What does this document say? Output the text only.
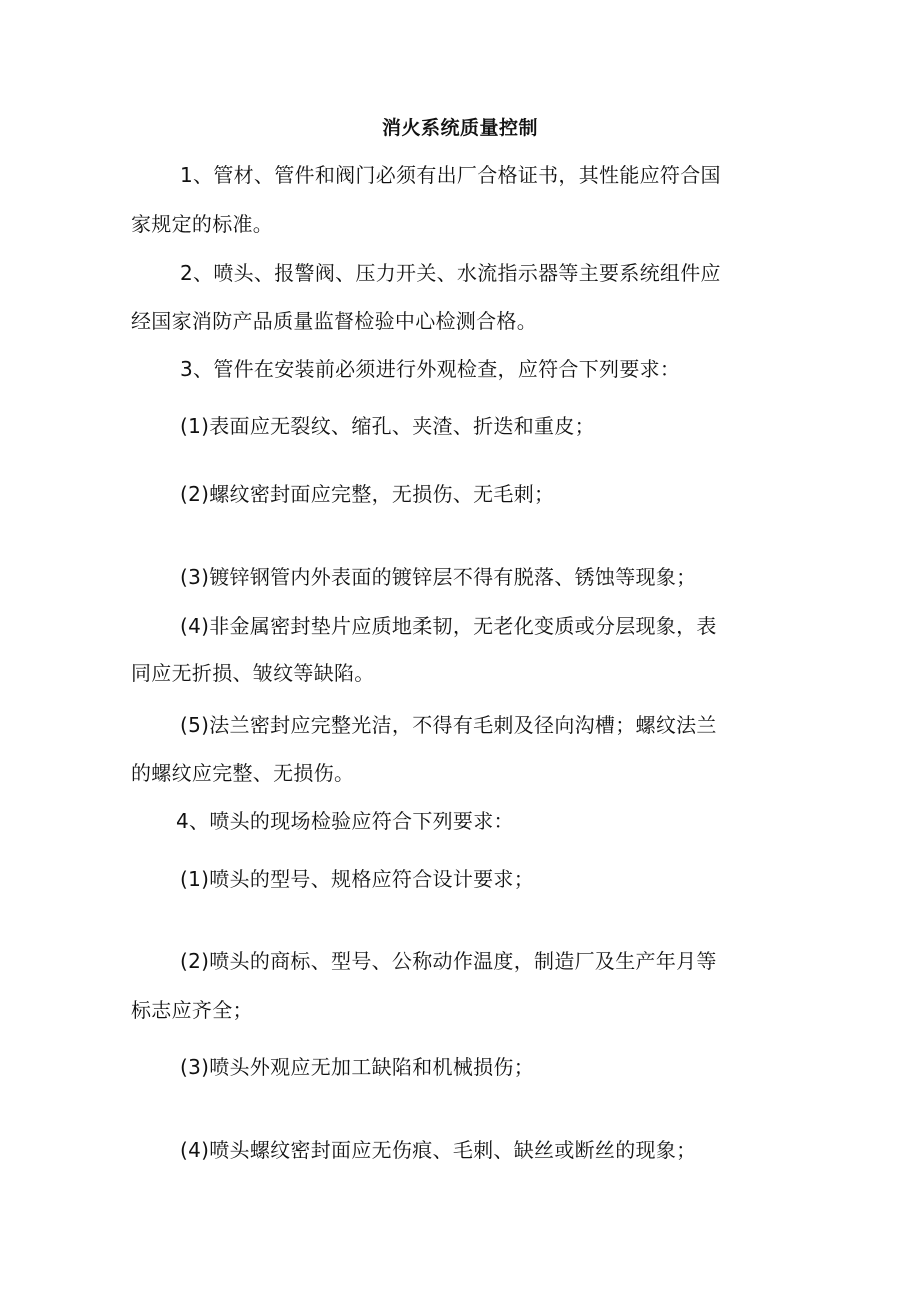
消火系统质量控制
1、管材、管件和阀门必须有出厂合格证书，其性能应符合国
家规定的标准。
2、喷头、报警阀、压力开关、水流指示器等主要系统组件应
经国家消防产品质量监督检验中心检测合格。
3、管件在安装前必须进行外观检查，应符合下列要求：
(1)表面应无裂纹、缩孔、夹渣、折迭和重皮；
(2)螺纹密封面应完整，无损伤、无毛刺；
(3)镀锌钢管内外表面的镀锌层不得有脱落、锈蚀等现象；
(4)非金属密封垫片应质地柔韧，无老化变质或分层现象，表
同应无折损、皱纹等缺陷。
(5)法兰密封应完整光洁，不得有毛刺及径向沟槽；螺纹法兰
的螺纹应完整、无损伤。
4、喷头的现场检验应符合下列要求：
(1)喷头的型号、规格应符合设计要求；
(2)喷头的商标、型号、公称动作温度，制造厂及生产年月等
标志应齐全；
(3)喷头外观应无加工缺陷和机械损伤；
(4)喷头螺纹密封面应无伤痕、毛刺、缺丝或断丝的现象；
